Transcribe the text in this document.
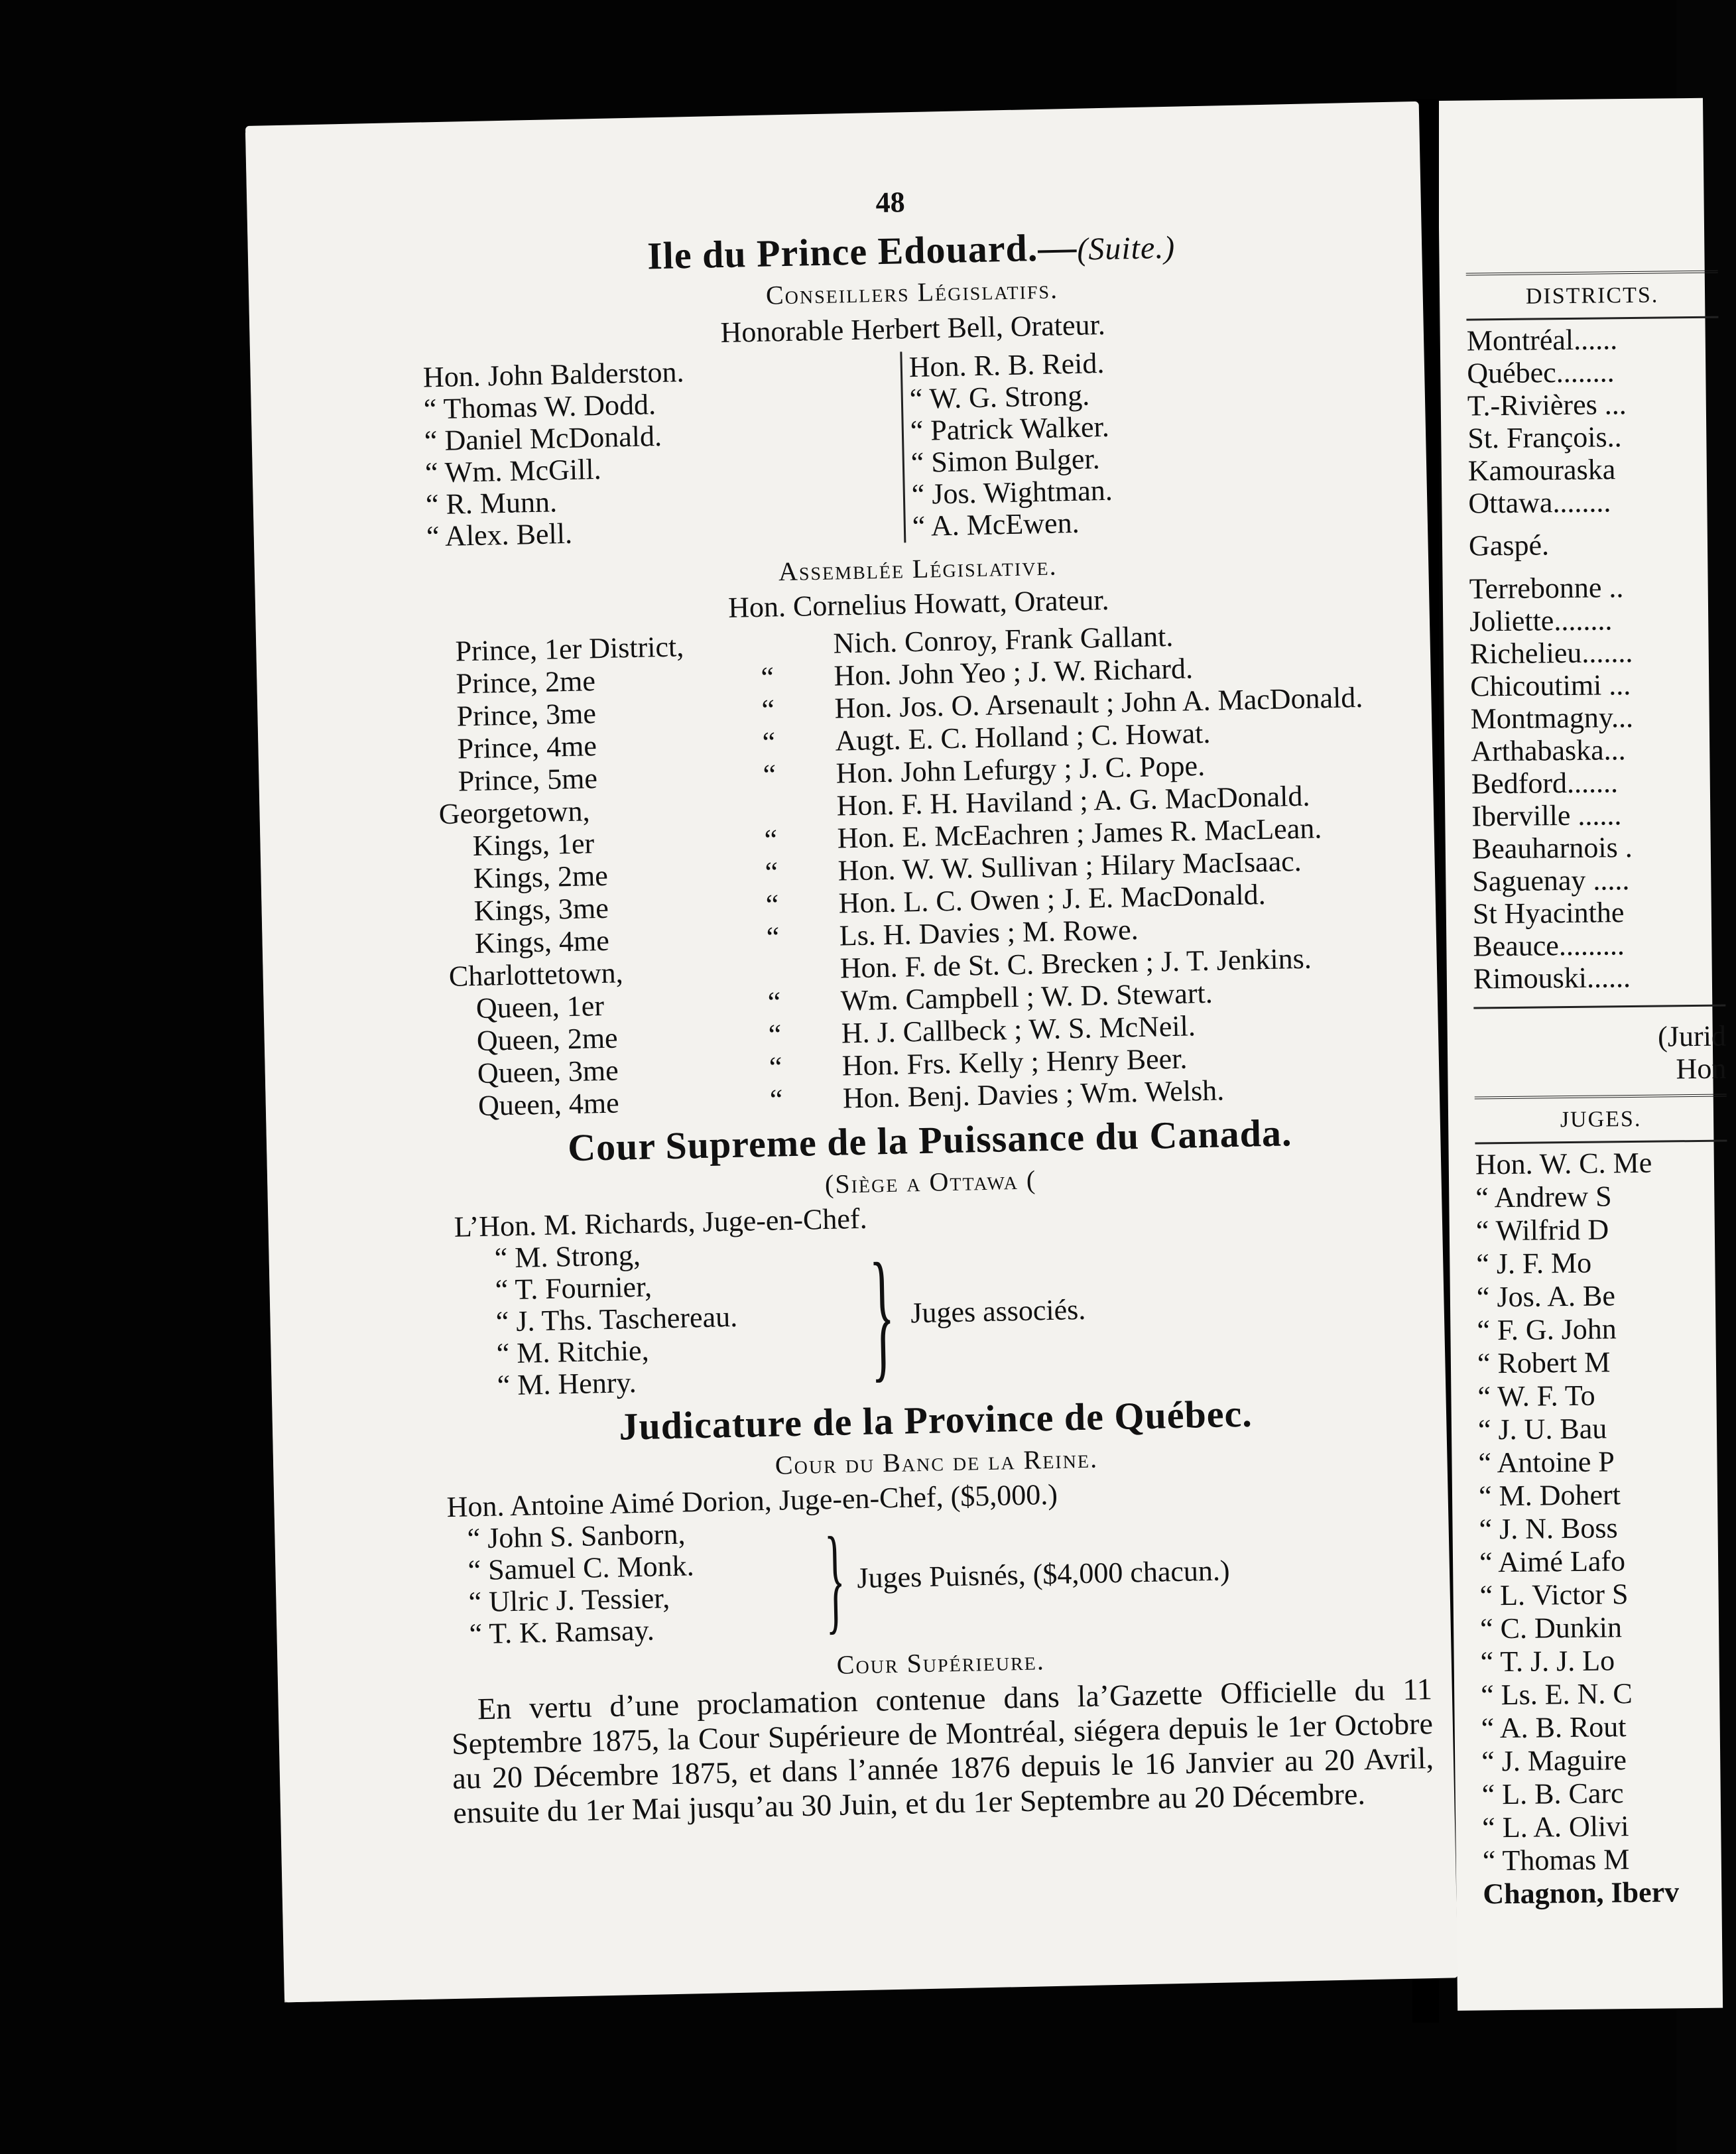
DISTRICTS.
Montréal......
Québec........
T.-Rivières ...
St. François..
Kamouraska
Ottawa........
Gaspé.
Terrebonne ..
Joliette........
Richelieu.......
Chicoutimi ...
Montmagny...
Arthabaska...
Bedford.......
Iberville ......
Beauharnois .
Saguenay .....
St Hyacinthe
Beauce.........
Rimouski......
(Jurid
Hon
JUGES.
Hon. W. C. Me
“ Andrew S
“ Wilfrid D
“ J. F. Mo
“ Jos. A. Be
“ F. G. John
“ Robert M
“ W. F. To
“ J. U. Bau
“ Antoine P
“ M. Dohert
“ J. N. Boss
“ Aimé Lafo
“ L. Victor S
“ C. Dunkin
“ T. J. J. Lo
“ Ls. E. N. C
“ A. B. Rout
“ J. Maguire
“ L. B. Carc
“ L. A. Olivi
“ Thomas M
Chagnon, Iberv
48
Ile du Prince Edouard.—(Suite.)
Conseillers Législatifs.
Honorable Herbert Bell, Orateur.
Hon. John Balderston.
“ Thomas W. Dodd.
“ Daniel McDonald.
“ Wm. McGill.
“ R. Munn.
“ Alex. Bell.
Hon. R. B. Reid.
“ W. G. Strong.
“ Patrick Walker.
“ Simon Bulger.
“ Jos. Wightman.
“ A. McEwen.
Assemblée Législative.
Hon. Cornelius Howatt, Orateur.
Prince, 1er District,	Nich. Conroy, Frank Gallant.
Prince, 2me	“	Hon. John Yeo ; J. W. Richard.
Prince, 3me	“	Hon. Jos. O. Arsenault ; John A. MacDonald.
Prince, 4me	“	Augt. E. C. Holland ; C. Howat.
Prince, 5me	“	Hon. John Lefurgy ; J. C. Pope.
Georgetown,	Hon. F. H. Haviland ; A. G. MacDonald.
Kings, 1er	“	Hon. E. McEachren ; James R. MacLean.
Kings, 2me	“	Hon. W. W. Sullivan ; Hilary MacIsaac.
Kings, 3me	“	Hon. L. C. Owen ; J. E. MacDonald.
Kings, 4me	“	Ls. H. Davies ; M. Rowe.
Charlottetown,	Hon. F. de St. C. Brecken ; J. T. Jenkins.
Queen, 1er	“	Wm. Campbell ; W. D. Stewart.
Queen, 2me	“	H. J. Callbeck ; W. S. McNeil.
Queen, 3me	“	Hon. Frs. Kelly ; Henry Beer.
Queen, 4me	“	Hon. Benj. Davies ; Wm. Welsh.
Cour Supreme de la Puissance du Canada.
(Siège a Ottawa (
L’Hon. M. Richards, Juge-en-Chef.
“ M. Strong,
“ T. Fournier,
“ J. Ths. Taschereau.
“ M. Ritchie,
“ M. Henry.	} Juges associés.
Judicature de la Province de Québec.
Cour du Banc de la Reine.
Hon. Antoine Aimé Dorion, Juge-en-Chef, ($5,000.)
“ John S. Sanborn,
“ Samuel C. Monk.
“ Ulric J. Tessier,
“ T. K. Ramsay.	} Juges Puisnés, ($4,000 chacun.)
Cour Supérieure.
En vertu d’une proclamation contenue dans la’Gazette Officielle du 11 Septembre 1875, la Cour Supérieure de Montréal, siégera depuis le 1er Octobre au 20 Décembre 1875, et dans l’année 1876 depuis le 16 Janvier au 20 Avril, ensuite du 1er Mai jusqu’au 30 Juin, et du 1er Septembre au 20 Décembre.
